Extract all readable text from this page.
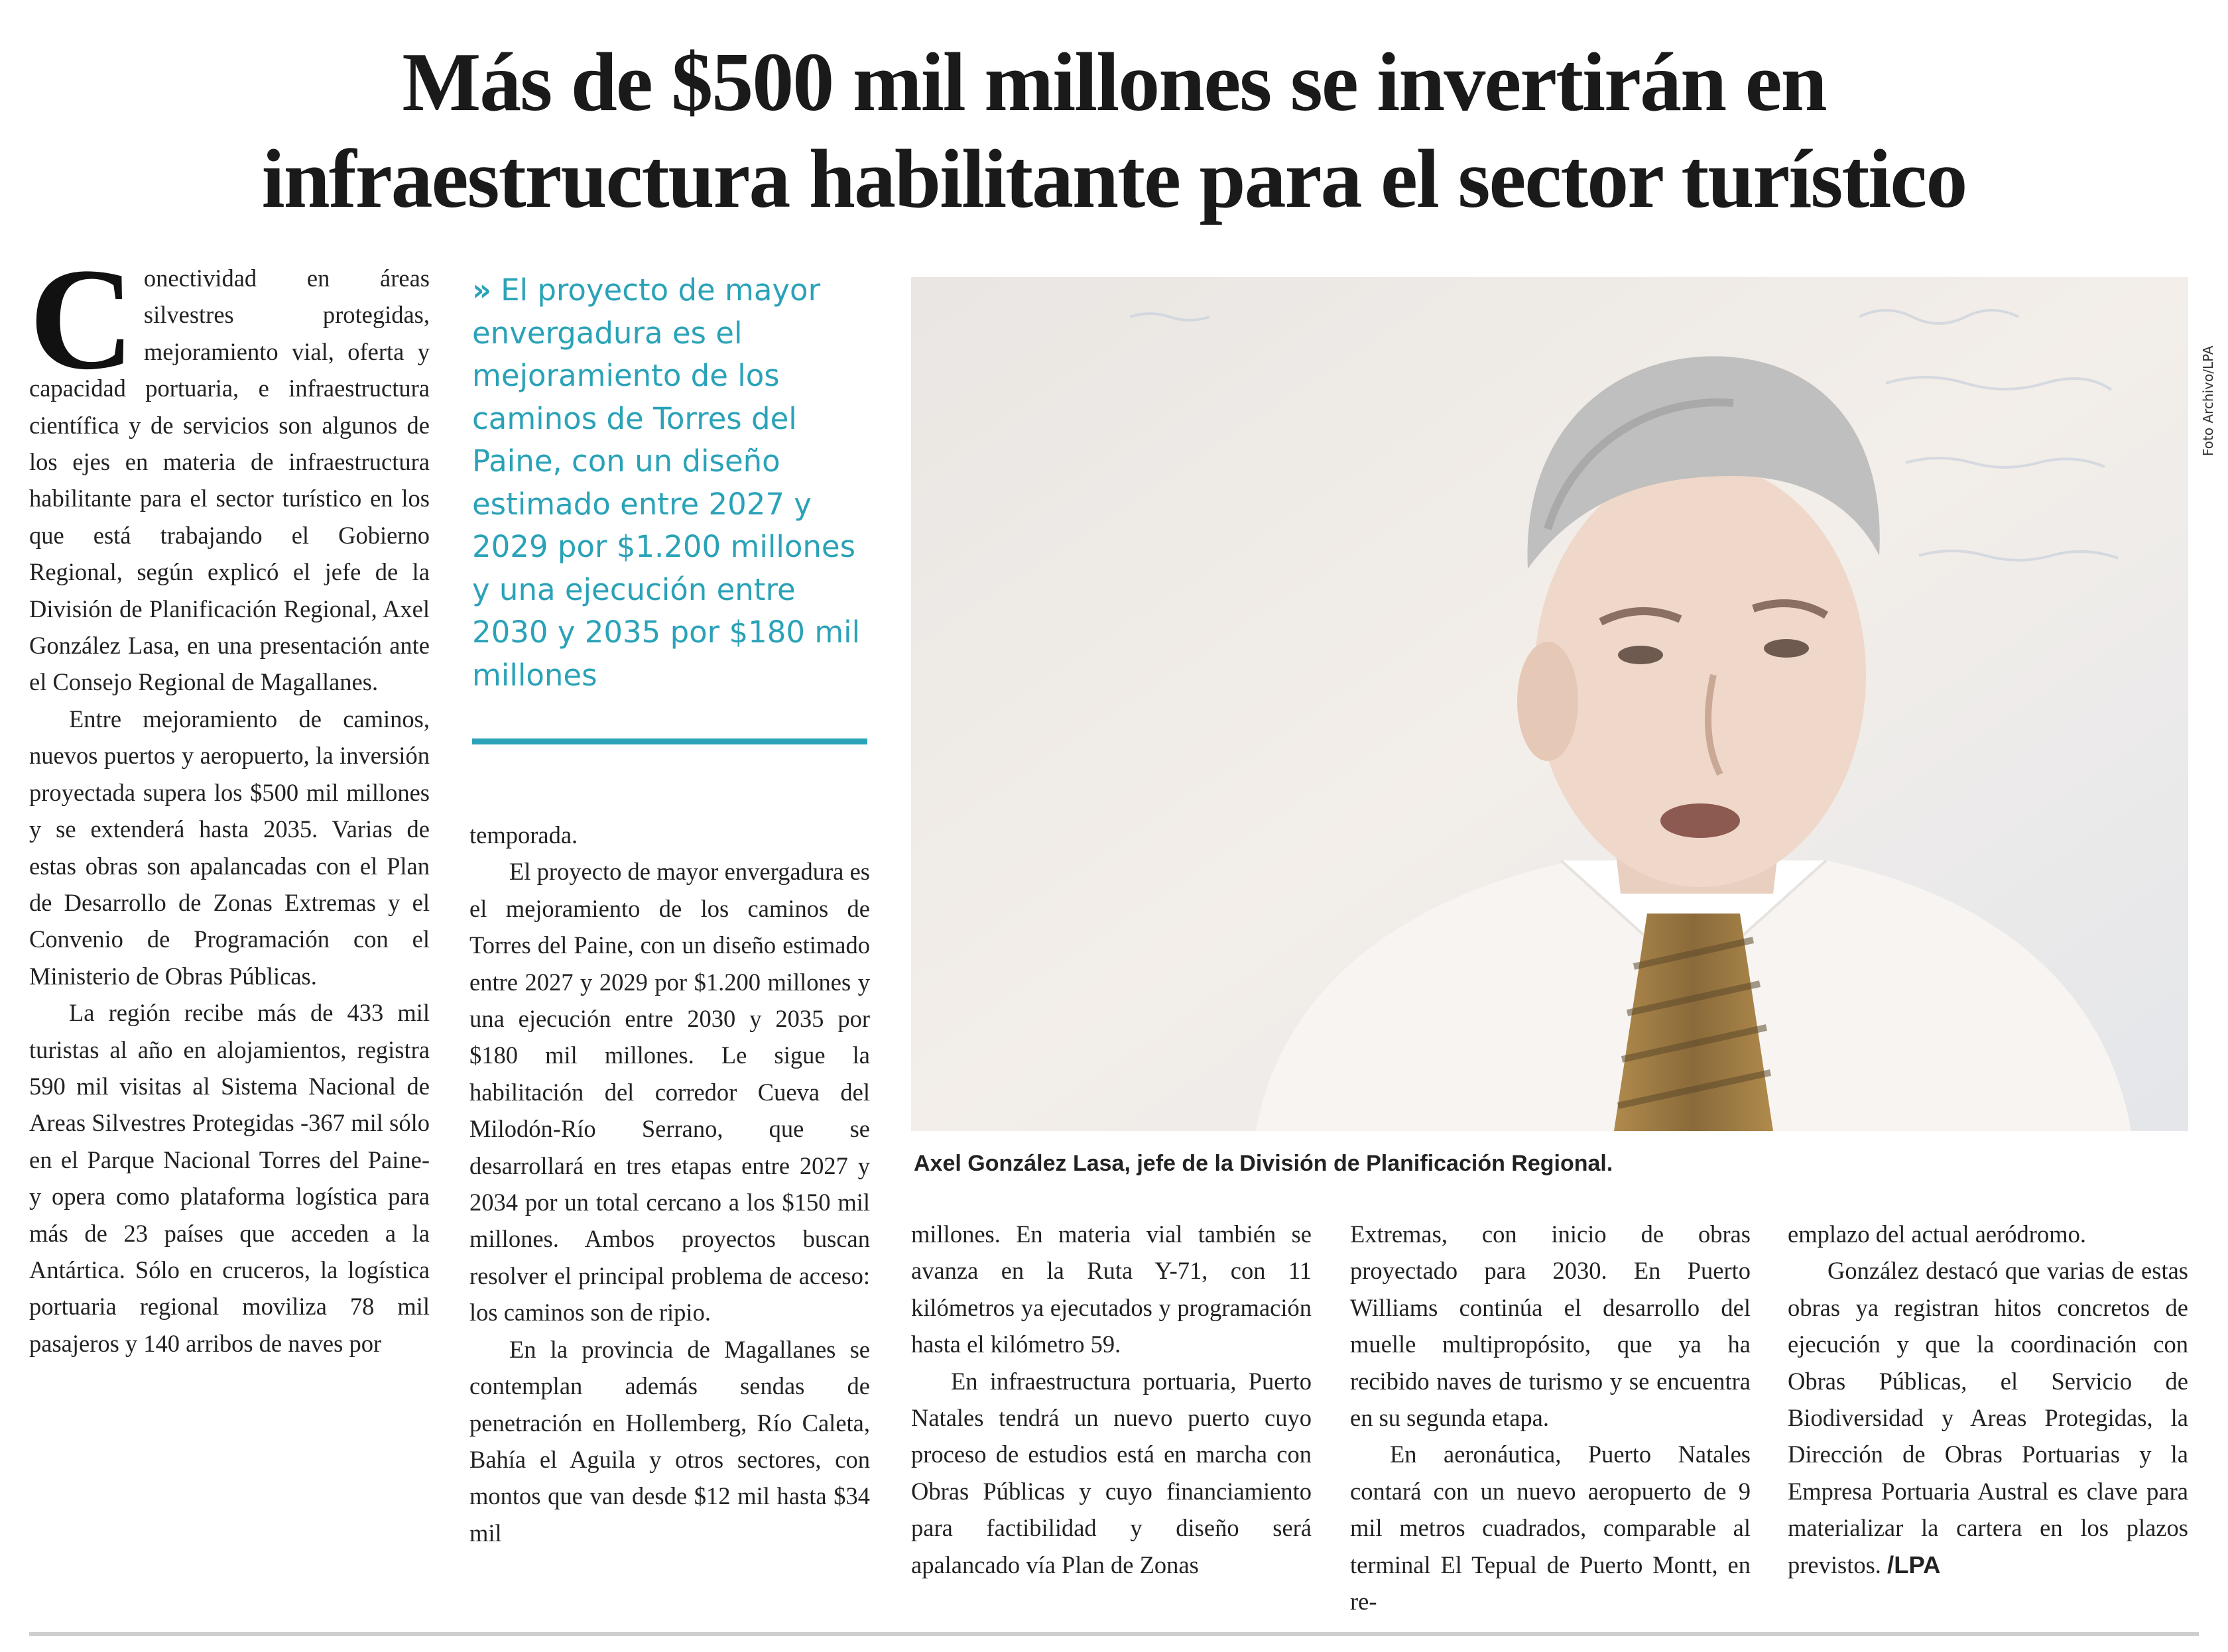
Más de $500 mil millones se invertirán en
infraestructura habilitante para el sector turístico

Conectividad en áreas silvestres protegidas, mejoramiento vial, oferta y capacidad portuaria, e infraestructura científica y de servicios son algunos de los ejes en materia de infraestructura habilitante para el sector turístico en los que está trabajando el Gobierno Regional, según explicó el jefe de la División de Planificación Regional, Axel González Lasa, en una presentación ante el Consejo Regional de Magallanes.

Entre mejoramiento de caminos, nuevos puertos y aeropuerto, la inversión proyectada supera los $500 mil millones y se extenderá hasta 2035. Varias de estas obras son apalancadas con el Plan de Desarrollo de Zonas Extremas y el Convenio de Programación con el Ministerio de Obras Públicas.

La región recibe más de 433 mil turistas al año en alojamientos, registra 590 mil visitas al Sistema Nacional de Areas Silvestres Protegidas -367 mil sólo en el Parque Nacional Torres del Paine- y opera como plataforma logística para más de 23 países que acceden a la Antártica. Sólo en cruceros, la logística portuaria regional moviliza 78 mil pasajeros y 140 arribos de naves por

» El proyecto de mayor envergadura es el mejoramiento de los caminos de Torres del Paine, con un diseño estimado entre 2027 y 2029 por $1.200 millones y una ejecución entre 2030 y 2035 por $180 mil millones

temporada.

El proyecto de mayor envergadura es el mejoramiento de los caminos de Torres del Paine, con un diseño estimado entre 2027 y 2029 por $1.200 millones y una ejecución entre 2030 y 2035 por $180 mil millones. Le sigue la habilitación del corredor Cueva del Milodón-Río Serrano, que se desarrollará en tres etapas entre 2027 y 2034 por un total cercano a los $150 mil millones. Ambos proyectos buscan resolver el principal problema de acceso: los caminos son de ripio.

En la provincia de Magallanes se contemplan además sendas de penetración en Hollemberg, Río Caleta, Bahía el Aguila y otros sectores, con montos que van desde $12 mil hasta $34 mil

Foto Archivo/LPA
Axel González Lasa, jefe de la División de Planificación Regional.

millones. En materia vial también se avanza en la Ruta Y-71, con 11 kilómetros ya ejecutados y programación hasta el kilómetro 59.

En infraestructura portuaria, Puerto Natales tendrá un nuevo puerto cuyo proceso de estudios está en marcha con Obras Públicas y cuyo financiamiento para factibilidad y diseño será apalancado vía Plan de Zonas

Extremas, con inicio de obras proyectado para 2030. En Puerto Williams continúa el desarrollo del muelle multipropósito, que ya ha recibido naves de turismo y se encuentra en su segunda etapa.

En aeronáutica, Puerto Natales contará con un nuevo aeropuerto de 9 mil metros cuadrados, comparable al terminal El Tepual de Puerto Montt, en re-

emplazo del actual aeródromo.

González destacó que varias de estas obras ya registran hitos concretos de ejecución y que la coordinación con Obras Públicas, el Servicio de Biodiversidad y Areas Protegidas, la Dirección de Obras Portuarias y la Empresa Portuaria Austral es clave para materializar la cartera en los plazos previstos. /LPA
